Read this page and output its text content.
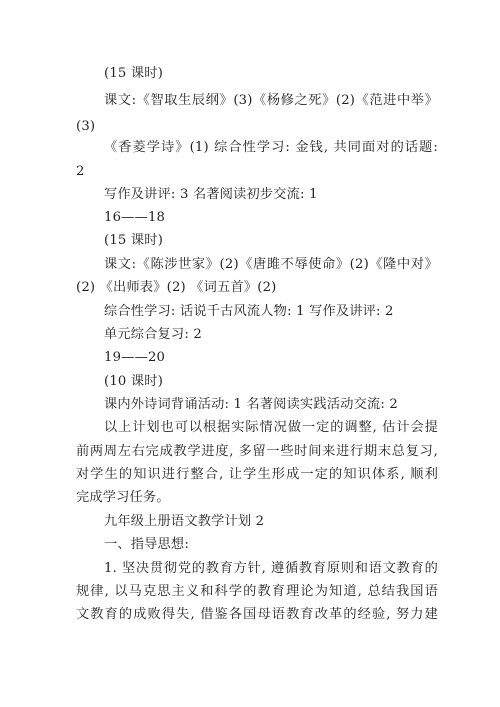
(15 课时)
课文:《智取生辰纲》(3)《杨修之死》(2)《范进中举》
(3)
《香菱学诗》(1) 综合性学习: 金钱, 共同面对的话题:
2
写作及讲评: 3 名著阅读初步交流: 1
16——18
(15 课时)
课文:《陈涉世家》(2)《唐雎不辱使命》(2)《隆中对》
(2) 《出师表》(2) 《词五首》(2)
综合性学习: 话说千古风流人物: 1 写作及讲评: 2
单元综合复习: 2
19——20
(10 课时)
课内外诗词背诵活动: 1 名著阅读实践活动交流: 2
以上计划也可以根据实际情况做一定的调整, 估计会提
前两周左右完成教学进度, 多留一些时间来进行期末总复习,
对学生的知识进行整合, 让学生形成一定的知识体系, 顺利
完成学习任务。
九年级上册语文教学计划 2
一、指导思想:
1. 坚决贯彻党的教育方针, 遵循教育原则和语文教育的
规律, 以马克思主义和科学的教育理论为知道, 总结我国语
文教育的成败得失, 借鉴各国母语教育改革的经验, 努力建
